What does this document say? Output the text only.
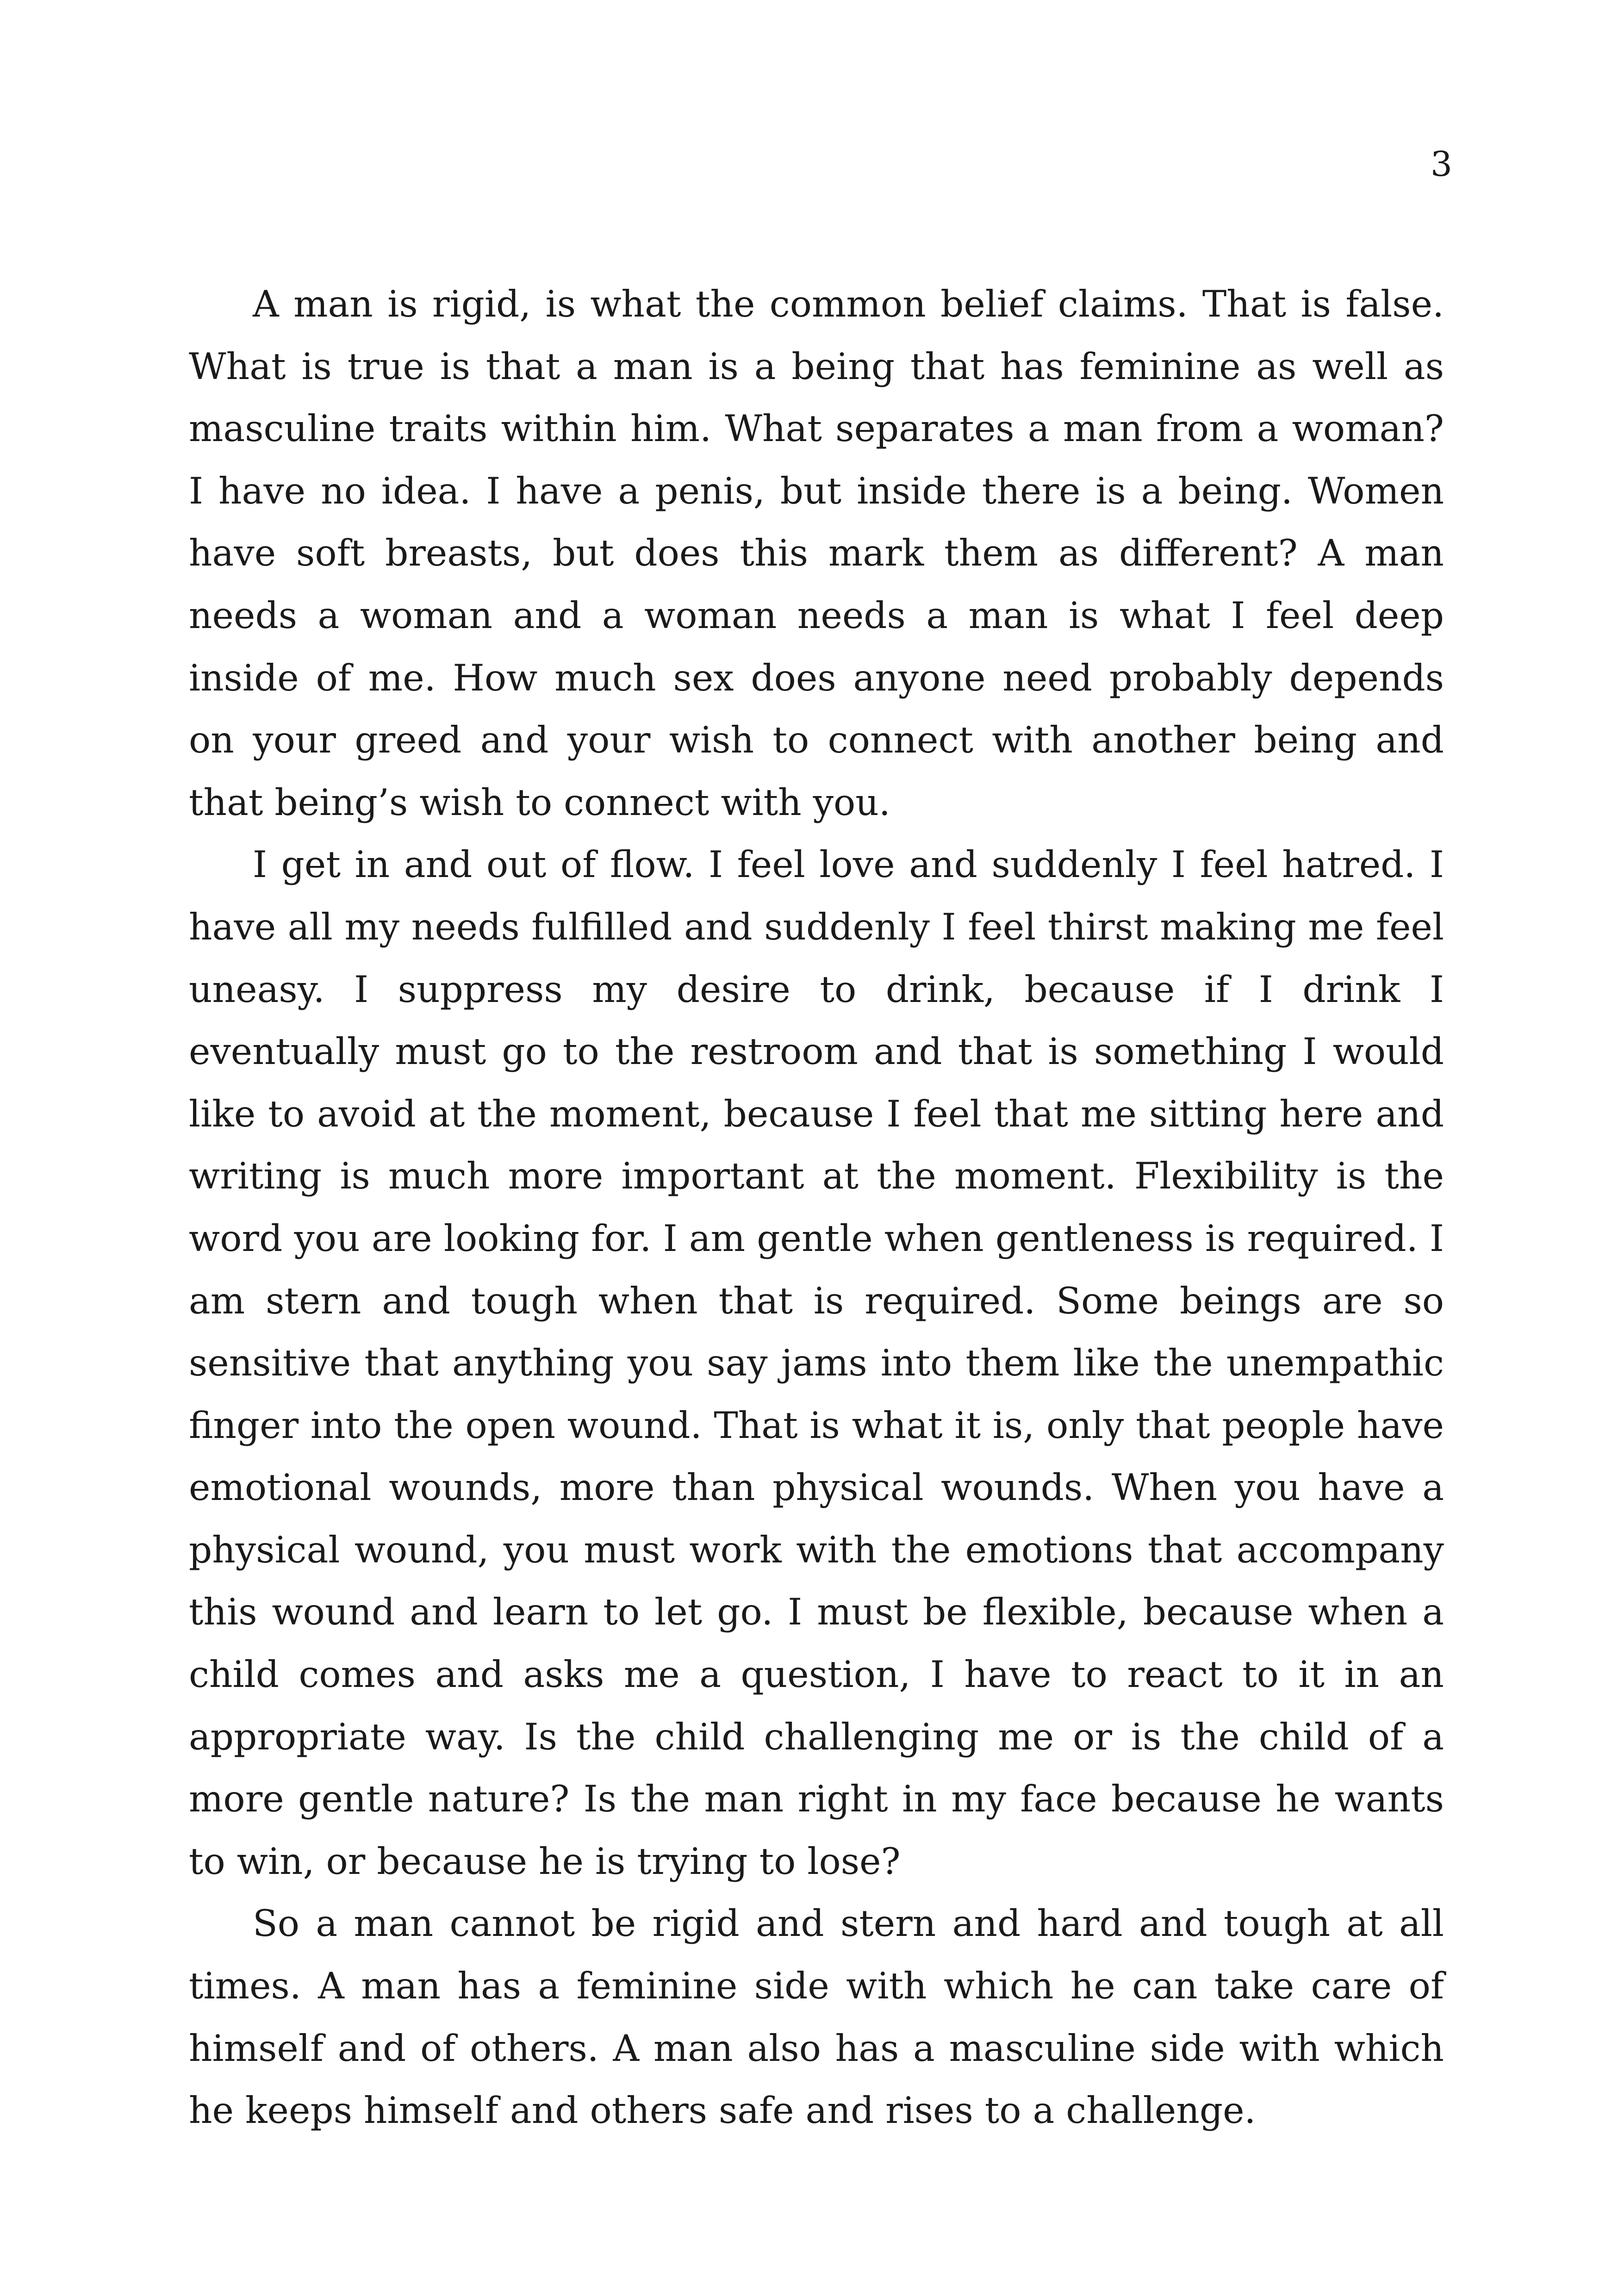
3

A man is rigid, is what the common belief claims. That is false. What is true is that a man is a being that has feminine as well as masculine traits within him. What separates a man from a woman? I have no idea. I have a penis, but inside there is a being. Women have soft breasts, but does this mark them as different? A man needs a woman and a woman needs a man is what I feel deep inside of me. How much sex does anyone need probably depends on your greed and your wish to connect with another being and that being’s wish to connect with you.

I get in and out of flow. I feel love and suddenly I feel hatred. I have all my needs fulfilled and suddenly I feel thirst making me feel uneasy. I suppress my desire to drink, because if I drink I eventually must go to the restroom and that is something I would like to avoid at the moment, because I feel that me sitting here and writing is much more important at the moment. Flexibility is the word you are looking for. I am gentle when gentleness is required. I am stern and tough when that is required. Some beings are so sensitive that anything you say jams into them like the unempathic finger into the open wound. That is what it is, only that people have emotional wounds, more than physical wounds. When you have a physical wound, you must work with the emotions that accompany this wound and learn to let go. I must be flexible, because when a child comes and asks me a question, I have to react to it in an appropriate way. Is the child challenging me or is the child of a more gentle nature? Is the man right in my face because he wants to win, or because he is trying to lose?

So a man cannot be rigid and stern and hard and tough at all times. A man has a feminine side with which he can take care of himself and of others. A man also has a masculine side with which he keeps himself and others safe and rises to a challenge.
